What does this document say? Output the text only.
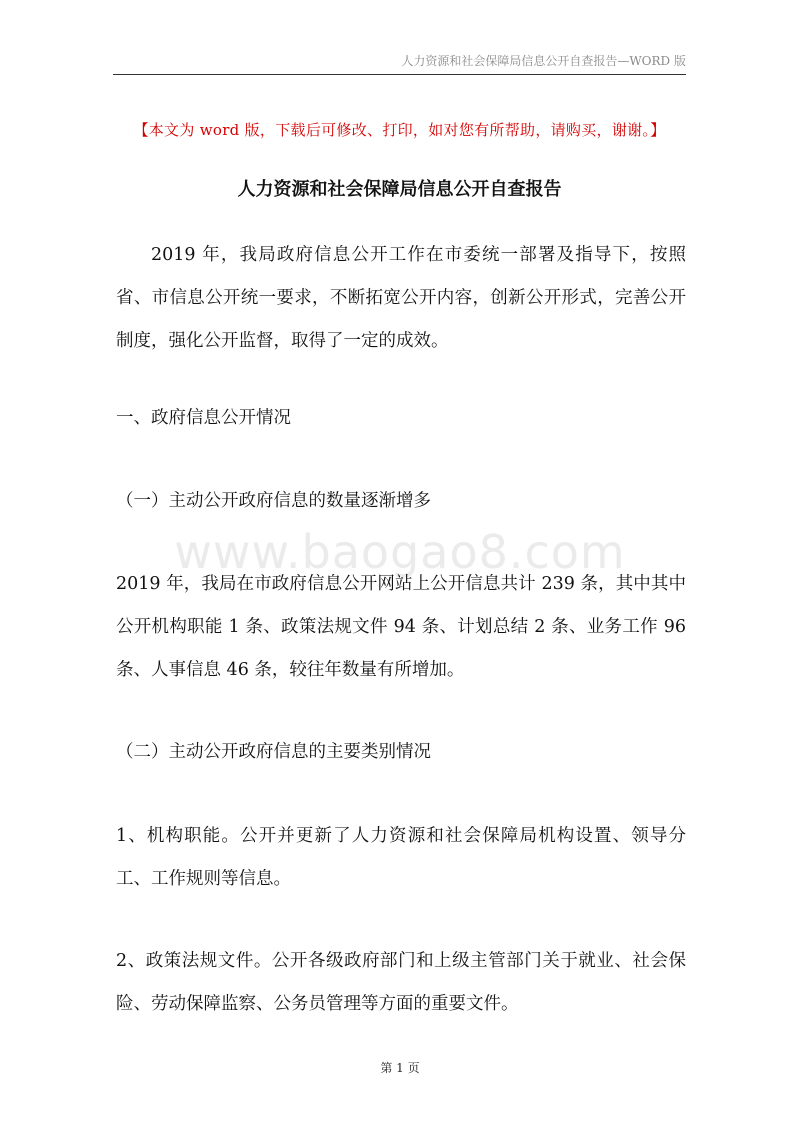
人力资源和社会保障局信息公开自查报告—WORD 版
【本文为 word 版，下载后可修改、打印，如对您有所帮助，请购买，谢谢。】
人力资源和社会保障局信息公开自查报告

2019 年，我局政府信息公开工作在市委统一部署及指导下，按照省、市信息公开统一要求，不断拓宽公开内容，创新公开形式，完善公开制度，强化公开监督，取得了一定的成效。

一、政府信息公开情况

（一）主动公开政府信息的数量逐渐增多

www.baogao8.com

2019 年，我局在市政府信息公开网站上公开信息共计 239 条，其中其中公开机构职能 1 条、政策法规文件 94 条、计划总结 2 条、业务工作 96 条、人事信息 46 条，较往年数量有所增加。

（二）主动公开政府信息的主要类别情况

1、机构职能。公开并更新了人力资源和社会保障局机构设置、领导分工、工作规则等信息。

2、政策法规文件。公开各级政府部门和上级主管部门关于就业、社会保险、劳动保障监察、公务员管理等方面的重要文件。

第 1 页
